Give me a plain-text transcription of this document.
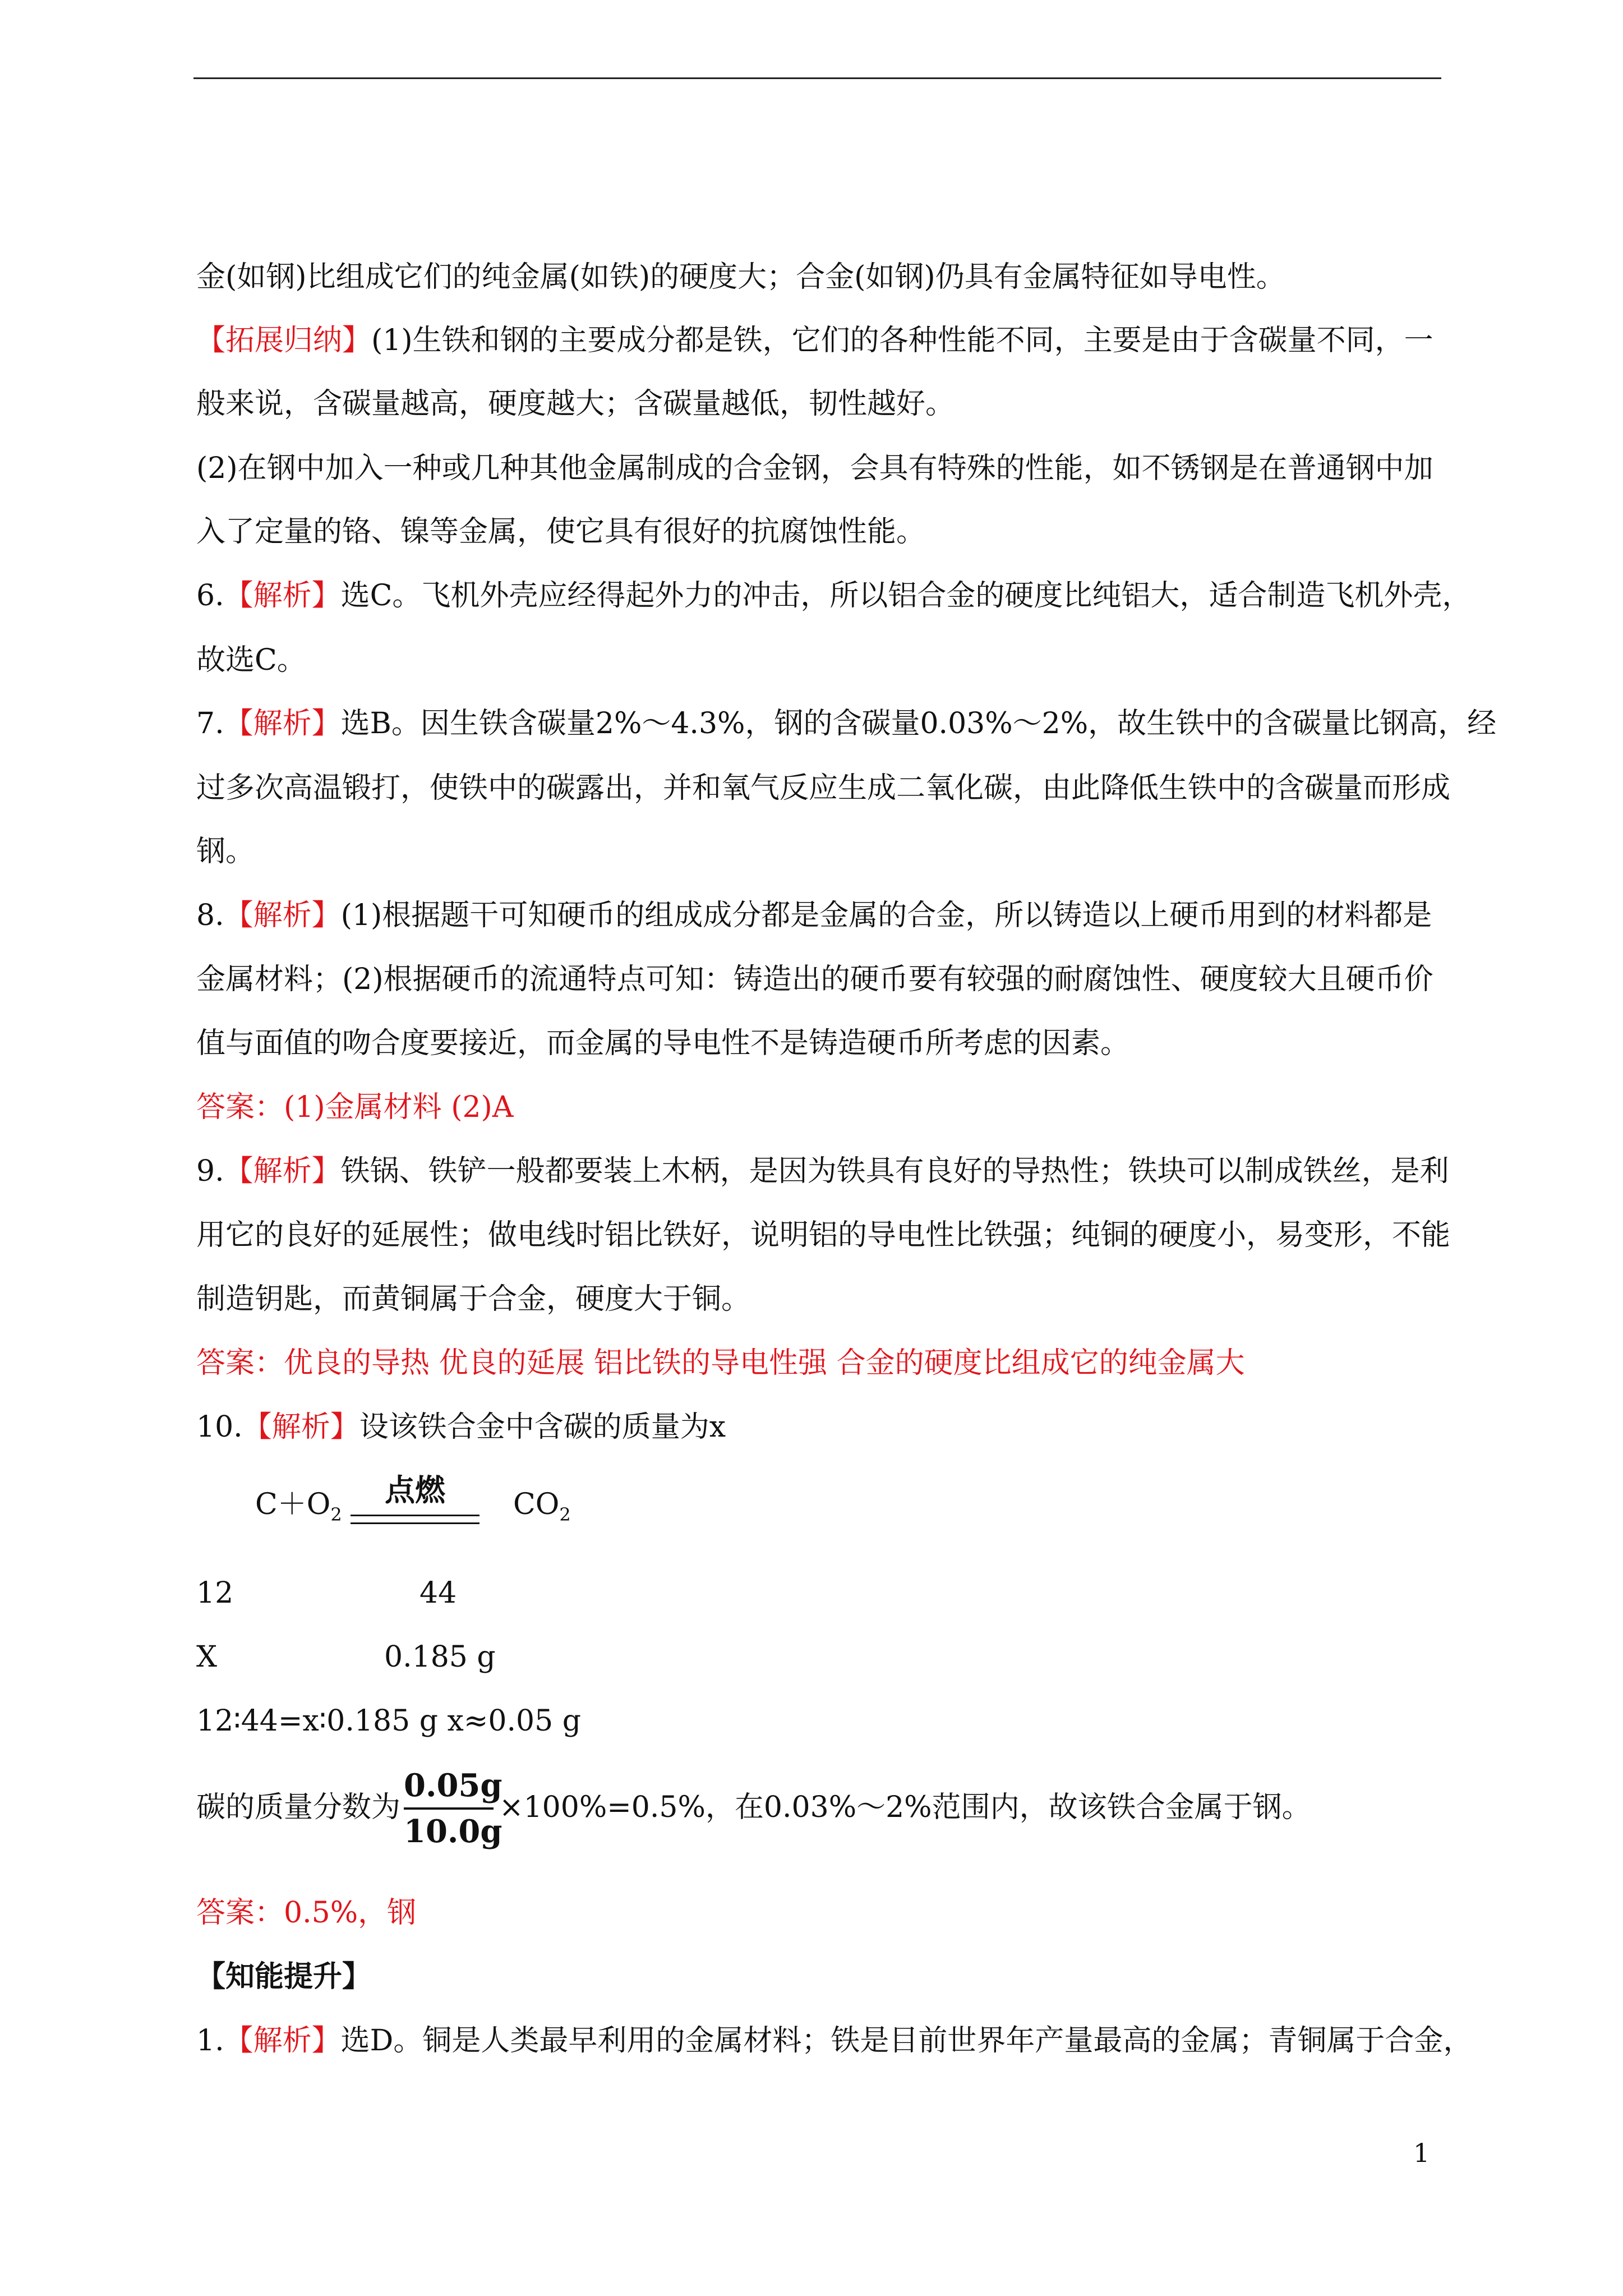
金(如钢)比组成它们的纯金属(如铁)的硬度大；合金(如钢)仍具有金属特征如导电性。
【拓展归纳】(1)生铁和钢的主要成分都是铁，它们的各种性能不同，主要是由于含碳量不同，一
般来说，含碳量越高，硬度越大；含碳量越低，韧性越好。
(2)在钢中加入一种或几种其他金属制成的合金钢，会具有特殊的性能，如不锈钢是在普通钢中加
入了定量的铬、镍等金属，使它具有很好的抗腐蚀性能。
6.【解析】选C。飞机外壳应经得起外力的冲击，所以铝合金的硬度比纯铝大，适合制造飞机外壳，
故选C。
7.【解析】选B。因生铁含碳量2%～4.3%，钢的含碳量0.03%～2%，故生铁中的含碳量比钢高，经
过多次高温锻打，使铁中的碳露出，并和氧气反应生成二氧化碳，由此降低生铁中的含碳量而形成
钢。
8.【解析】(1)根据题干可知硬币的组成成分都是金属的合金，所以铸造以上硬币用到的材料都是
金属材料；(2)根据硬币的流通特点可知：铸造出的硬币要有较强的耐腐蚀性、硬度较大且硬币价
值与面值的吻合度要接近，而金属的导电性不是铸造硬币所考虑的因素。
答案：(1)金属材料 (2)A
9.【解析】铁锅、铁铲一般都要装上木柄，是因为铁具有良好的导热性；铁块可以制成铁丝，是利
用它的良好的延展性；做电线时铝比铁好，说明铝的导电性比铁强；纯铜的硬度小，易变形，不能
制造钥匙，而黄铜属于合金，硬度大于铜。
答案：优良的导热 优良的延展 铝比铁的导电性强 合金的硬度比组成它的纯金属大
10.【解析】设该铁合金中含碳的质量为x
$C+O_2$
点燃	$CO_2$
12	44
X	0.185 g
12∶44=x∶0.185 g x≈0.05 g
碳的质量分数为
0.05g
10.0g
×100%=0.5%，在0.03%～2%范围内，故该铁合金属于钢。
答案：0.5%，钢
【知能提升】
1.【解析】选D。铜是人类最早利用的金属材料；铁是目前世界年产量最高的金属；青铜属于合金，
1
